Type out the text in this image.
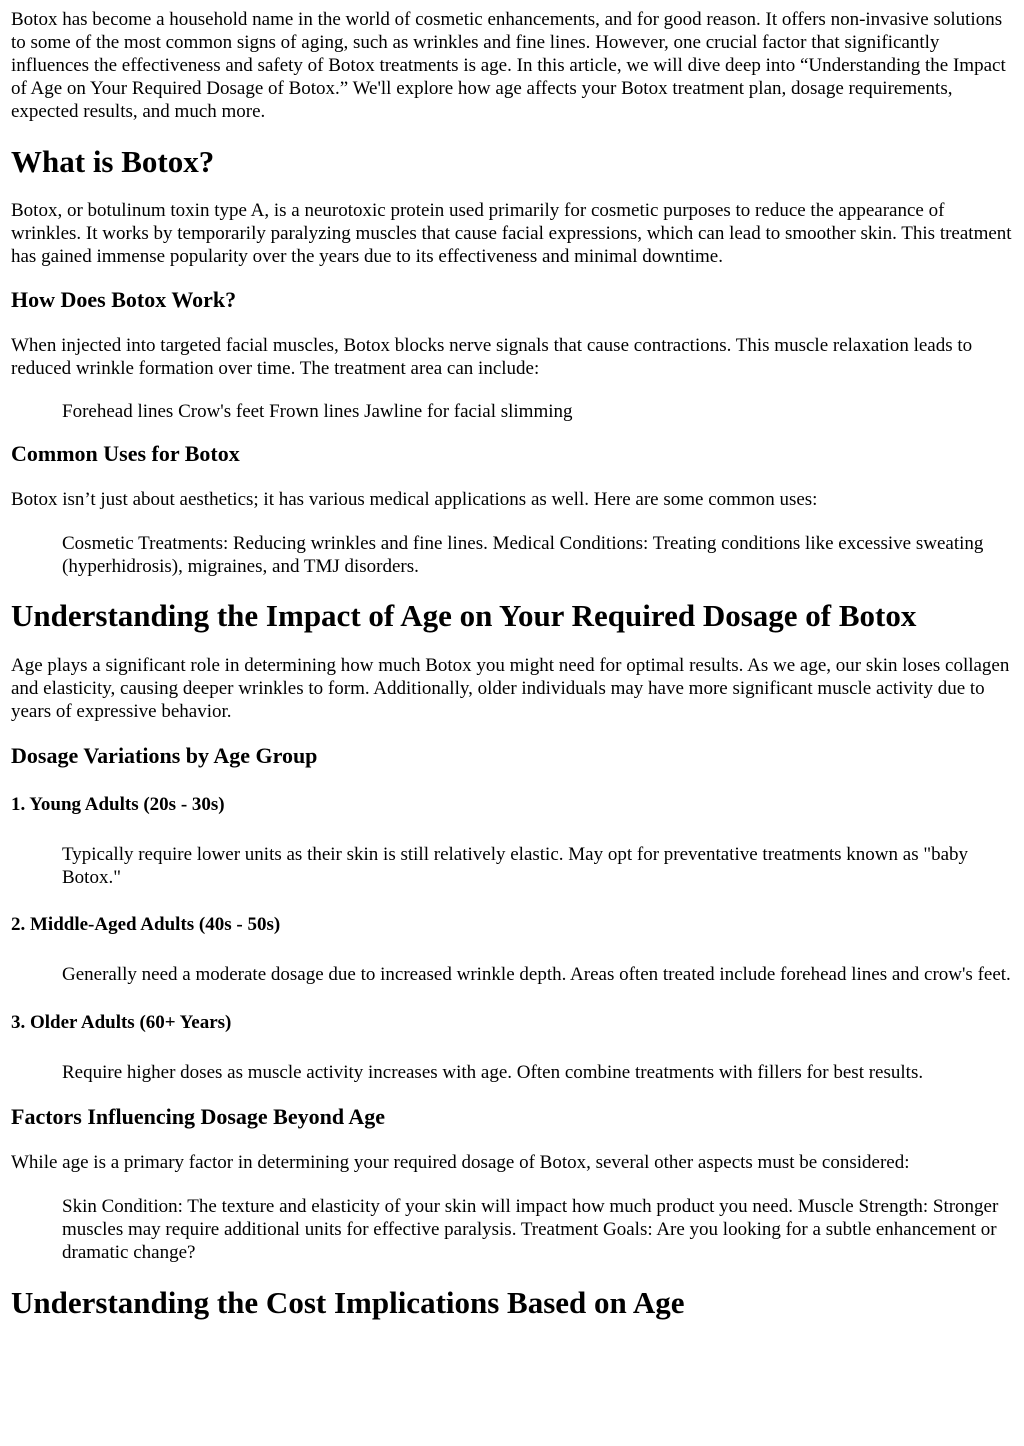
Botox has become a household name in the world of cosmetic enhancements, and for good reason. It offers non-invasive solutions to some of the most common signs of aging, such as wrinkles and fine lines. However, one crucial factor that significantly influences the effectiveness and safety of Botox treatments is age. In this article, we will dive deep into “Understanding the Impact of Age on Your Required Dosage of Botox.” We'll explore how age affects your Botox treatment plan, dosage requirements, expected results, and much more.

What is Botox?

Botox, or botulinum toxin type A, is a neurotoxic protein used primarily for cosmetic purposes to reduce the appearance of wrinkles. It works by temporarily paralyzing muscles that cause facial expressions, which can lead to smoother skin. This treatment has gained immense popularity over the years due to its effectiveness and minimal downtime.

How Does Botox Work?

When injected into targeted facial muscles, Botox blocks nerve signals that cause contractions. This muscle relaxation leads to reduced wrinkle formation over time. The treatment area can include:

Forehead lines Crow's feet Frown lines Jawline for facial slimming
Common Uses for Botox

Botox isn’t just about aesthetics; it has various medical applications as well. Here are some common uses:

Cosmetic Treatments: Reducing wrinkles and fine lines. Medical Conditions: Treating conditions like excessive sweating (hyperhidrosis), migraines, and TMJ disorders.
Understanding the Impact of Age on Your Required Dosage of Botox

Age plays a significant role in determining how much Botox you might need for optimal results. As we age, our skin loses collagen and elasticity, causing deeper wrinkles to form. Additionally, older individuals may have more significant muscle activity due to years of expressive behavior.

Dosage Variations by Age Group
1. Young Adults (20s - 30s)
Typically require lower units as their skin is still relatively elastic. May opt for preventative treatments known as "baby Botox."
2. Middle-Aged Adults (40s - 50s)
Generally need a moderate dosage due to increased wrinkle depth. Areas often treated include forehead lines and crow's feet.
3. Older Adults (60+ Years)
Require higher doses as muscle activity increases with age. Often combine treatments with fillers for best results.
Factors Influencing Dosage Beyond Age

While age is a primary factor in determining your required dosage of Botox, several other aspects must be considered:

Skin Condition: The texture and elasticity of your skin will impact how much product you need. Muscle Strength: Stronger muscles may require additional units for effective paralysis. Treatment Goals: Are you looking for a subtle enhancement or dramatic change?
Understanding the Cost Implications Based on Age
